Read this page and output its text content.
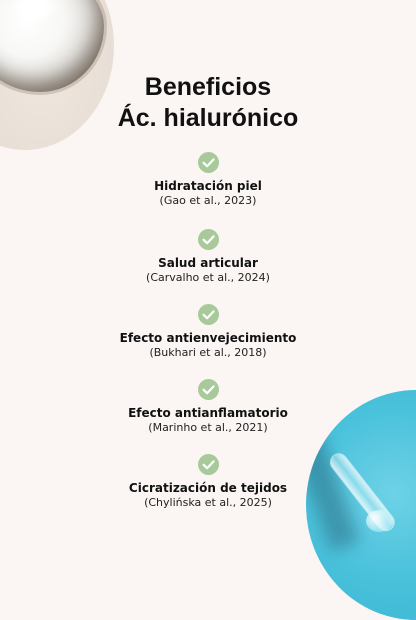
Beneficios
Ác. hialurónico
Hidratación piel
(Gao et al., 2023)
Salud articular
(Carvalho et al., 2024)
Efecto antienvejecimiento
(Bukhari et al., 2018)
Efecto antianflamatorio
(Marinho et al., 2021)
Cicratización de tejidos
(Chylińska et al., 2025)
